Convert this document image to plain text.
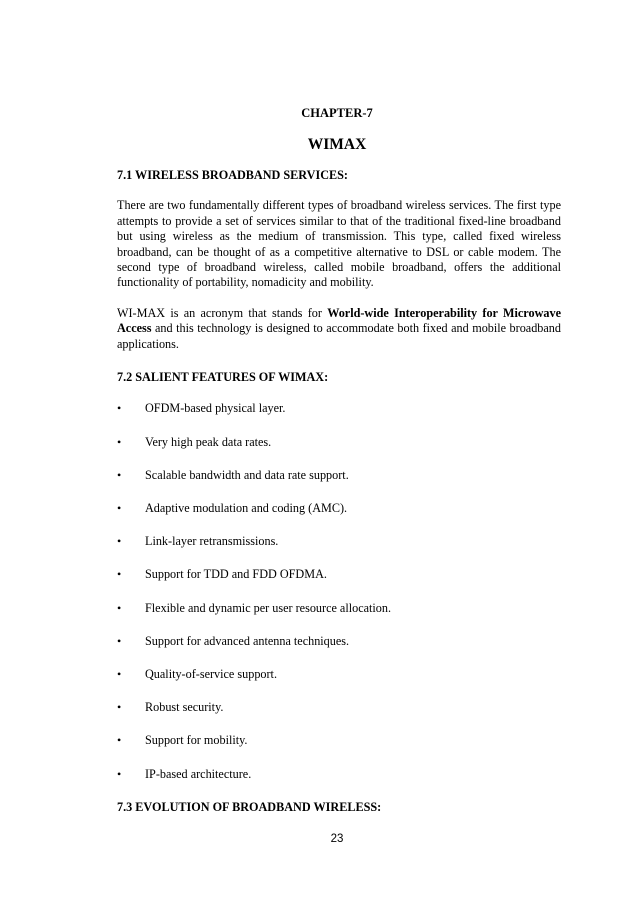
CHAPTER-7
WIMAX

7.1 WIRELESS BROADBAND SERVICES:

There are two fundamentally different types of broadband wireless services. The first type attempts to provide a set of services similar to that of the traditional fixed-line broadband but using wireless as the medium of transmission. This type, called fixed wireless broadband, can be thought of as a competitive alternative to DSL or cable modem. The second type of broadband wireless, called mobile broadband, offers the additional functionality of portability, nomadicity and mobility.

WI-MAX is an acronym that stands for World-wide Interoperability for Microwave Access and this technology is designed to accommodate both fixed and mobile broadband applications.

7.2 SALIENT FEATURES OF WIMAX:

• OFDM-based physical layer.
• Very high peak data rates.
• Scalable bandwidth and data rate support.
• Adaptive modulation and coding (AMC).
• Link-layer retransmissions.
• Support for TDD and FDD OFDMA.
• Flexible and dynamic per user resource allocation.
• Support for advanced antenna techniques.
• Quality-of-service support.
• Robust security.
• Support for mobility.
• IP-based architecture.

7.3 EVOLUTION OF BROADBAND WIRELESS:

23
